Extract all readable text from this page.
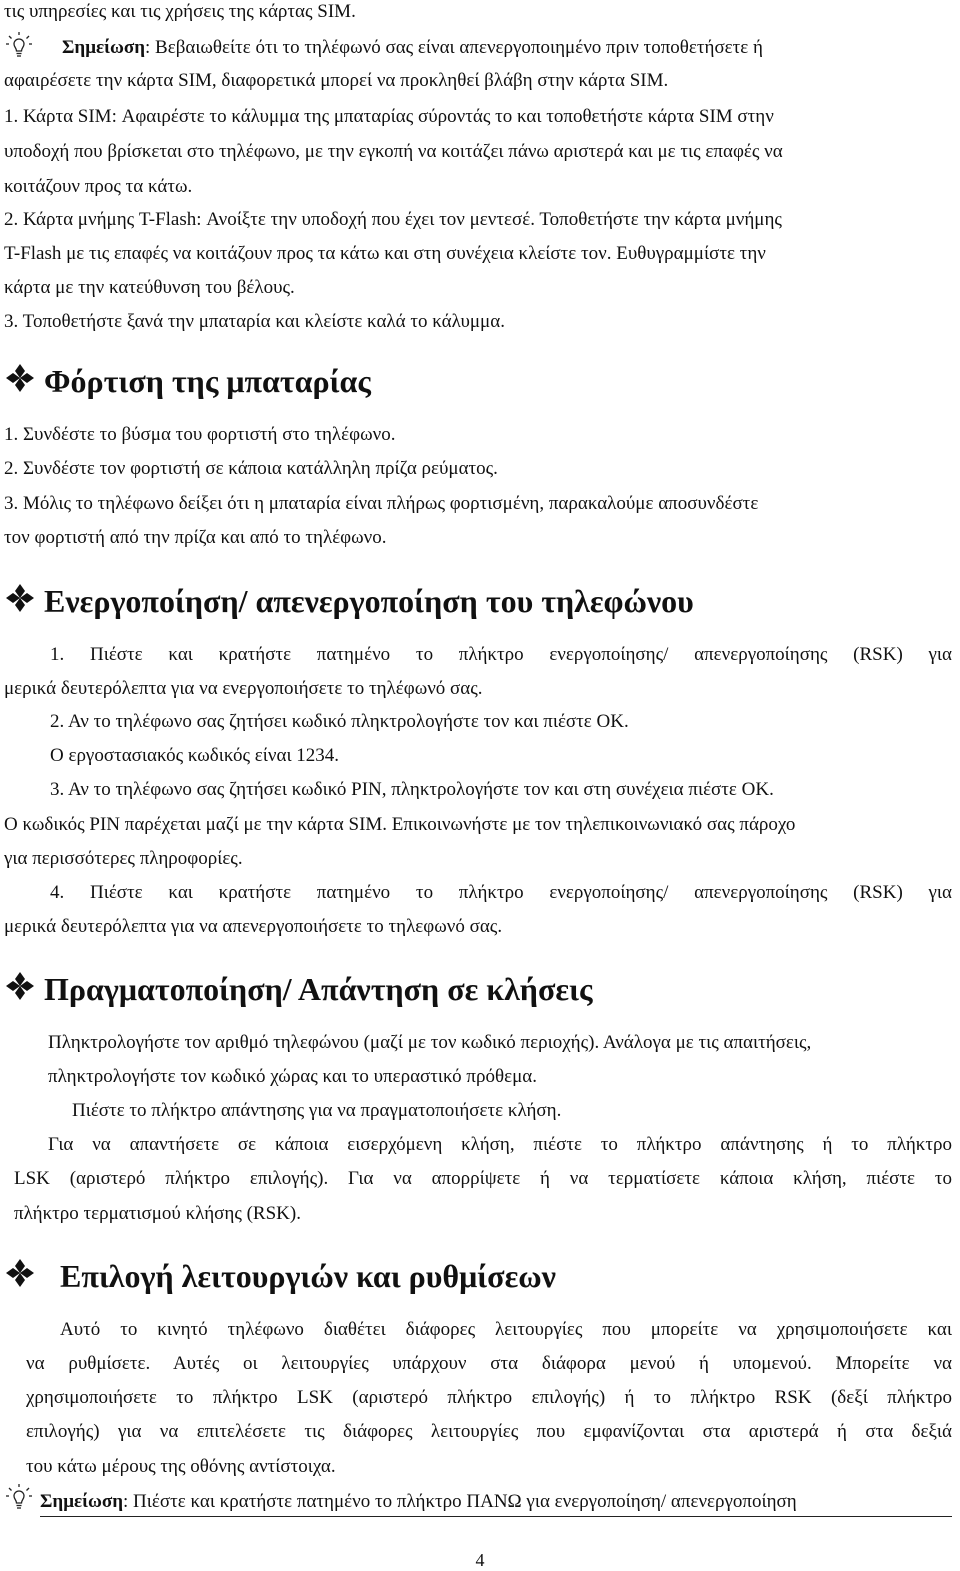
τις υπηρεσίες και τις χρήσεις της κάρτας SIM.
Σημείωση: Βεβαιωθείτε ότι το τηλέφωνό σας είναι απενεργοποιημένο πριν τοποθετήσετε ή
αφαιρέσετε την κάρτα SIM, διαφορετικά μπορεί να προκληθεί βλάβη στην κάρτα SIM.
1. Κάρτα SIM: Αφαιρέστε το κάλυμμα της μπαταρίας σύροντάς το και τοποθετήστε κάρτα SIM στην
υποδοχή που βρίσκεται στο τηλέφωνο, με την εγκοπή να κοιτάζει πάνω αριστερά και με τις επαφές να
κοιτάζουν προς τα κάτω.
2. Κάρτα μνήμης T-Flash: Ανοίξτε την υποδοχή που έχει τον μεντεσέ. Τοποθετήστε την κάρτα μνήμης
T-Flash με τις επαφές να κοιτάζουν προς τα κάτω και στη συνέχεια κλείστε τον. Ευθυγραμμίστε την
κάρτα με την κατεύθυνση του βέλους.
3. Τοποθετήστε ξανά την μπαταρία και κλείστε καλά το κάλυμμα.
Φόρτιση της μπαταρίας
1. Συνδέστε το βύσμα του φορτιστή στο τηλέφωνο.
2. Συνδέστε τον φορτιστή σε κάποια κατάλληλη πρίζα ρεύματος.
3. Μόλις το τηλέφωνο δείξει ότι η μπαταρία είναι πλήρως φορτισμένη, παρακαλούμε αποσυνδέστε
τον φορτιστή από την πρίζα και από το τηλέφωνο.
Ενεργοποίηση/ απενεργοποίηση του τηλεφώνου
1. Πιέστε και κρατήστε πατημένο το πλήκτρο ενεργοποίησης/ απενεργοποίησης (RSK) για
μερικά δευτερόλεπτα για να ενεργοποιήσετε το τηλέφωνό σας.
2. Αν το τηλέφωνο σας ζητήσει κωδικό πληκτρολογήστε τον και πιέστε OK.
Ο εργοστασιακός κωδικός είναι 1234.
3. Αν το τηλέφωνο σας ζητήσει κωδικό PIN, πληκτρολογήστε τον και στη συνέχεια πιέστε OK.
Ο κωδικός PIN παρέχεται μαζί με την κάρτα SIM. Επικοινωνήστε με τον τηλεπικοινωνιακό σας πάροχο
για περισσότερες πληροφορίες.
4. Πιέστε και κρατήστε πατημένο το πλήκτρο ενεργοποίησης/ απενεργοποίησης (RSK) για
μερικά δευτερόλεπτα για να απενεργοποιήσετε το τηλεφωνό σας.
Πραγματοποίηση/ Απάντηση σε κλήσεις
Πληκτρολογήστε τον αριθμό τηλεφώνου (μαζί με τον κωδικό περιοχής). Ανάλογα με τις απαιτήσεις,
πληκτρολογήστε τον κωδικό χώρας και το υπεραστικό πρόθεμα.
Πιέστε το πλήκτρο απάντησης για να πραγματοποιήσετε κλήση.
Για να απαντήσετε σε κάποια εισερχόμενη κλήση, πιέστε το πλήκτρο απάντησης ή το πλήκτρο
LSK (αριστερό πλήκτρο επιλογής). Για να απορρίψετε ή να τερματίσετε κάποια κλήση, πιέστε το
πλήκτρο τερματισμού κλήσης (RSK).
Επιλογή λειτουργιών και ρυθμίσεων
Αυτό το κινητό τηλέφωνο διαθέτει διάφορες λειτουργίες που μπορείτε να χρησιμοποιήσετε και
να ρυθμίσετε. Αυτές οι λειτουργίες υπάρχουν στα διάφορα μενού ή υπομενού. Μπορείτε να
χρησιμοποιήσετε το πλήκτρο LSK (αριστερό πλήκτρο επιλογής) ή το πλήκτρο RSK (δεξί πλήκτρο
επιλογής) για να επιτελέσετε τις διάφορες λειτουργίες που εμφανίζονται στα αριστερά ή στα δεξιά
του κάτω μέρους της οθόνης αντίστοιχα.
Σημείωση: Πιέστε και κρατήστε πατημένο το πλήκτρο ΠΑΝΩ για ενεργοποίηση/ απενεργοποίηση
4
